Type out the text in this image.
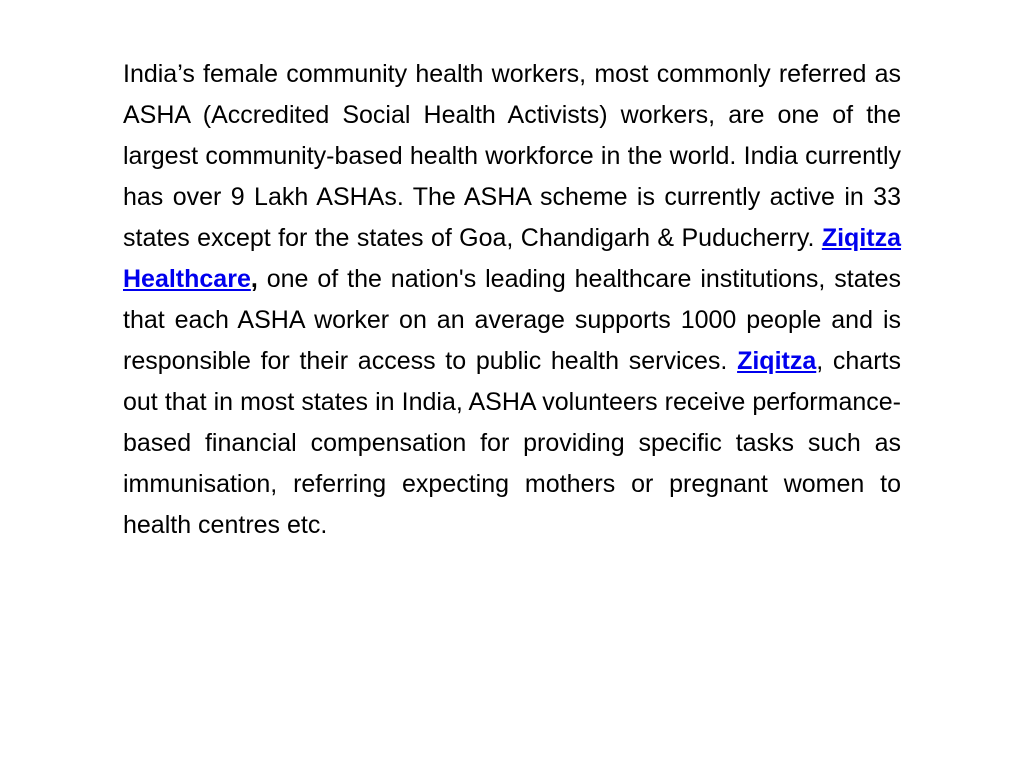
India’s female community health workers, most commonly referred as ASHA (Accredited Social Health Activists) workers, are one of the largest community-based health workforce in the world. India currently has over 9 Lakh ASHAs. The ASHA scheme is currently active in 33 states except for the states of Goa, Chandigarh & Puducherry. Ziqitza Healthcare, one of the nation's leading healthcare institutions, states that each ASHA worker on an average supports 1000 people and is responsible for their access to public health services. Ziqitza, charts out that in most states in India, ASHA volunteers receive performance-based financial compensation for providing specific tasks such as immunisation, referring expecting mothers or pregnant women to health centres etc.
